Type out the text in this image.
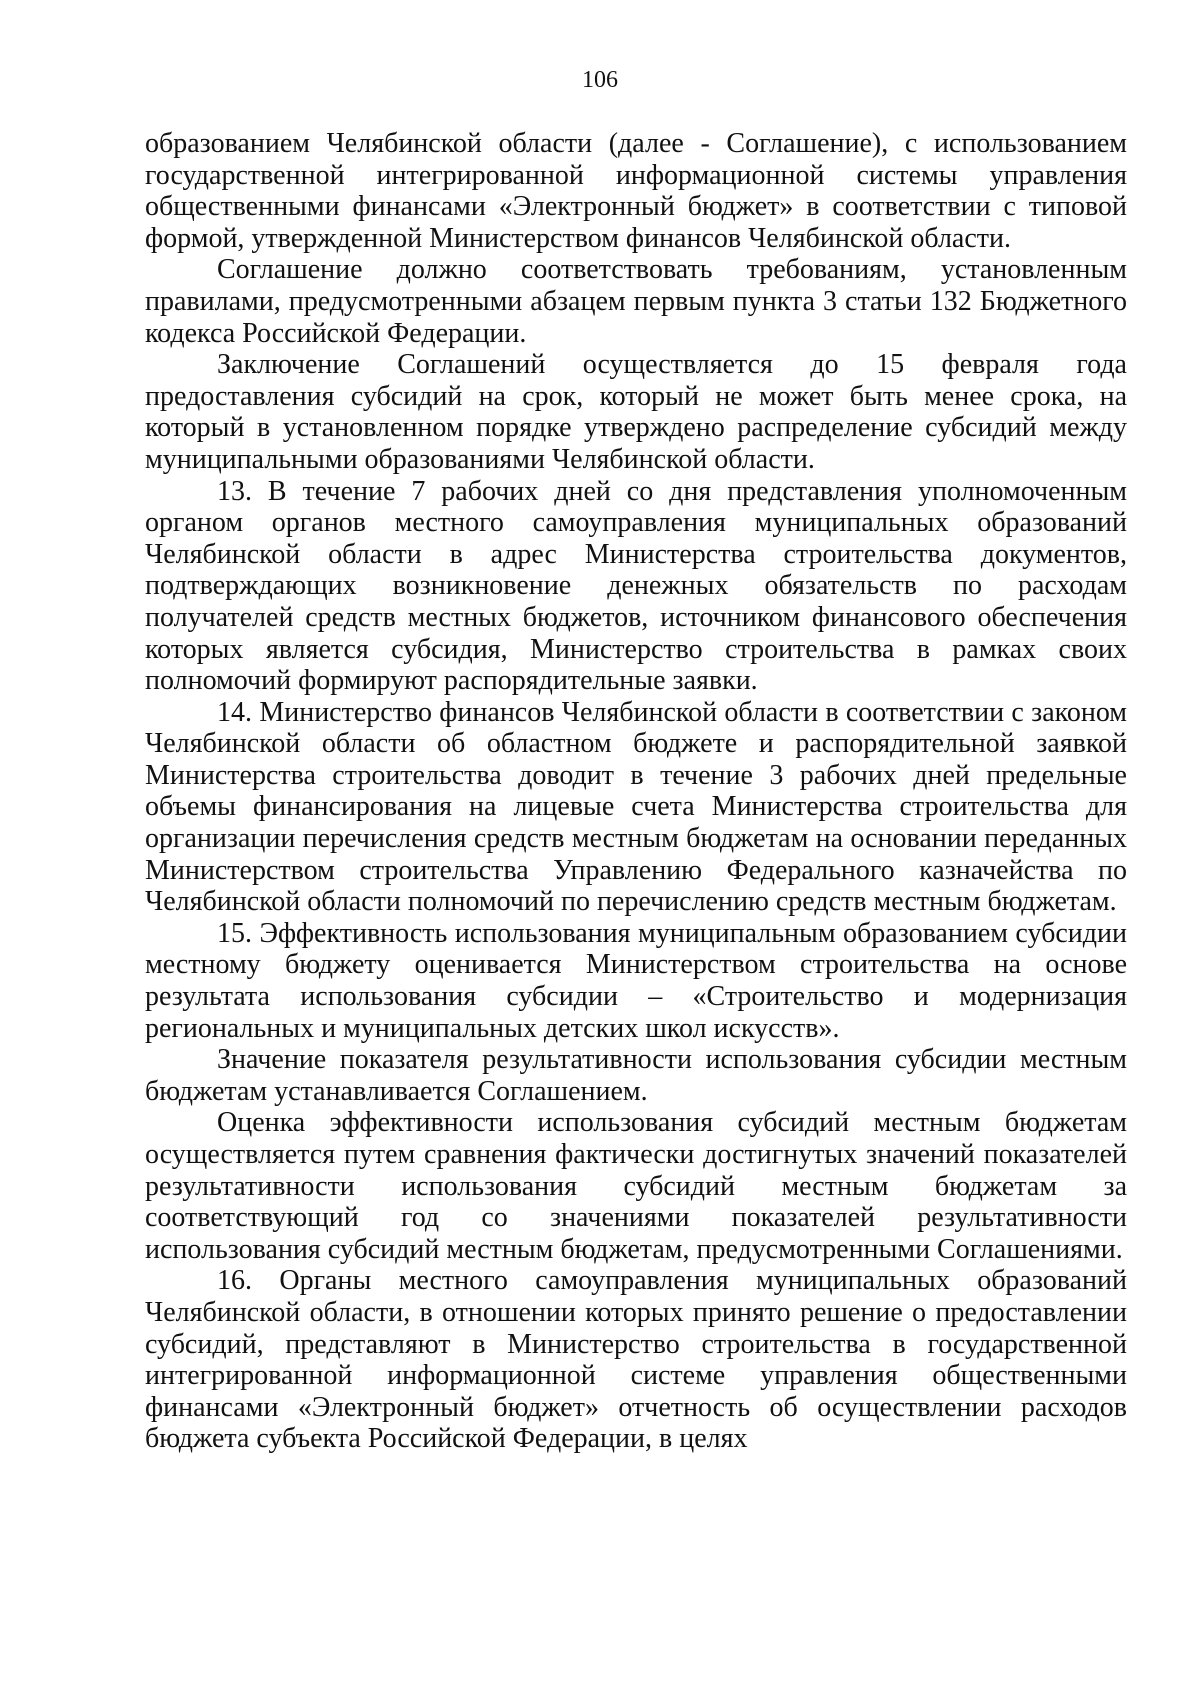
106

образованием Челябинской области (далее - Соглашение), с использованием государственной интегрированной информационной системы управления общественными финансами «Электронный бюджет» в соответствии с типовой формой, утвержденной Министерством финансов Челябинской области.

Соглашение должно соответствовать требованиям, установленным правилами, предусмотренными абзацем первым пункта 3 статьи 132 Бюджетного кодекса Российской Федерации.

Заключение Соглашений осуществляется до 15 февраля года предоставления субсидий на срок, который не может быть менее срока, на который в установленном порядке утверждено распределение субсидий между муниципальными образованиями Челябинской области.

13. В течение 7 рабочих дней со дня представления уполномоченным органом органов местного самоуправления муниципальных образований Челябинской области в адрес Министерства строительства документов, подтверждающих возникновение денежных обязательств по расходам получателей средств местных бюджетов, источником финансового обеспечения которых является субсидия, Министерство строительства в рамках своих полномочий формируют распорядительные заявки.

14. Министерство финансов Челябинской области в соответствии с законом Челябинской области об областном бюджете и распорядительной заявкой Министерства строительства доводит в течение 3 рабочих дней предельные объемы финансирования на лицевые счета Министерства строительства для организации перечисления средств местным бюджетам на основании переданных Министерством строительства Управлению Федерального казначейства по Челябинской области полномочий по перечислению средств местным бюджетам.

15. Эффективность использования муниципальным образованием субсидии местному бюджету оценивается Министерством строительства на основе результата использования субсидии – «Строительство и модернизация региональных и муниципальных детских школ искусств».

Значение показателя результативности использования субсидии местным бюджетам устанавливается Соглашением.

Оценка эффективности использования субсидий местным бюджетам осуществляется путем сравнения фактически достигнутых значений показателей результативности использования субсидий местным бюджетам за соответствующий год со значениями показателей результативности использования субсидий местным бюджетам, предусмотренными Соглашениями.

16. Органы местного самоуправления муниципальных образований Челябинской области, в отношении которых принято решение о предоставлении субсидий, представляют в Министерство строительства в государственной интегрированной информационной системе управления общественными финансами «Электронный бюджет» отчетность об осуществлении расходов бюджета субъекта Российской Федерации, в целях
